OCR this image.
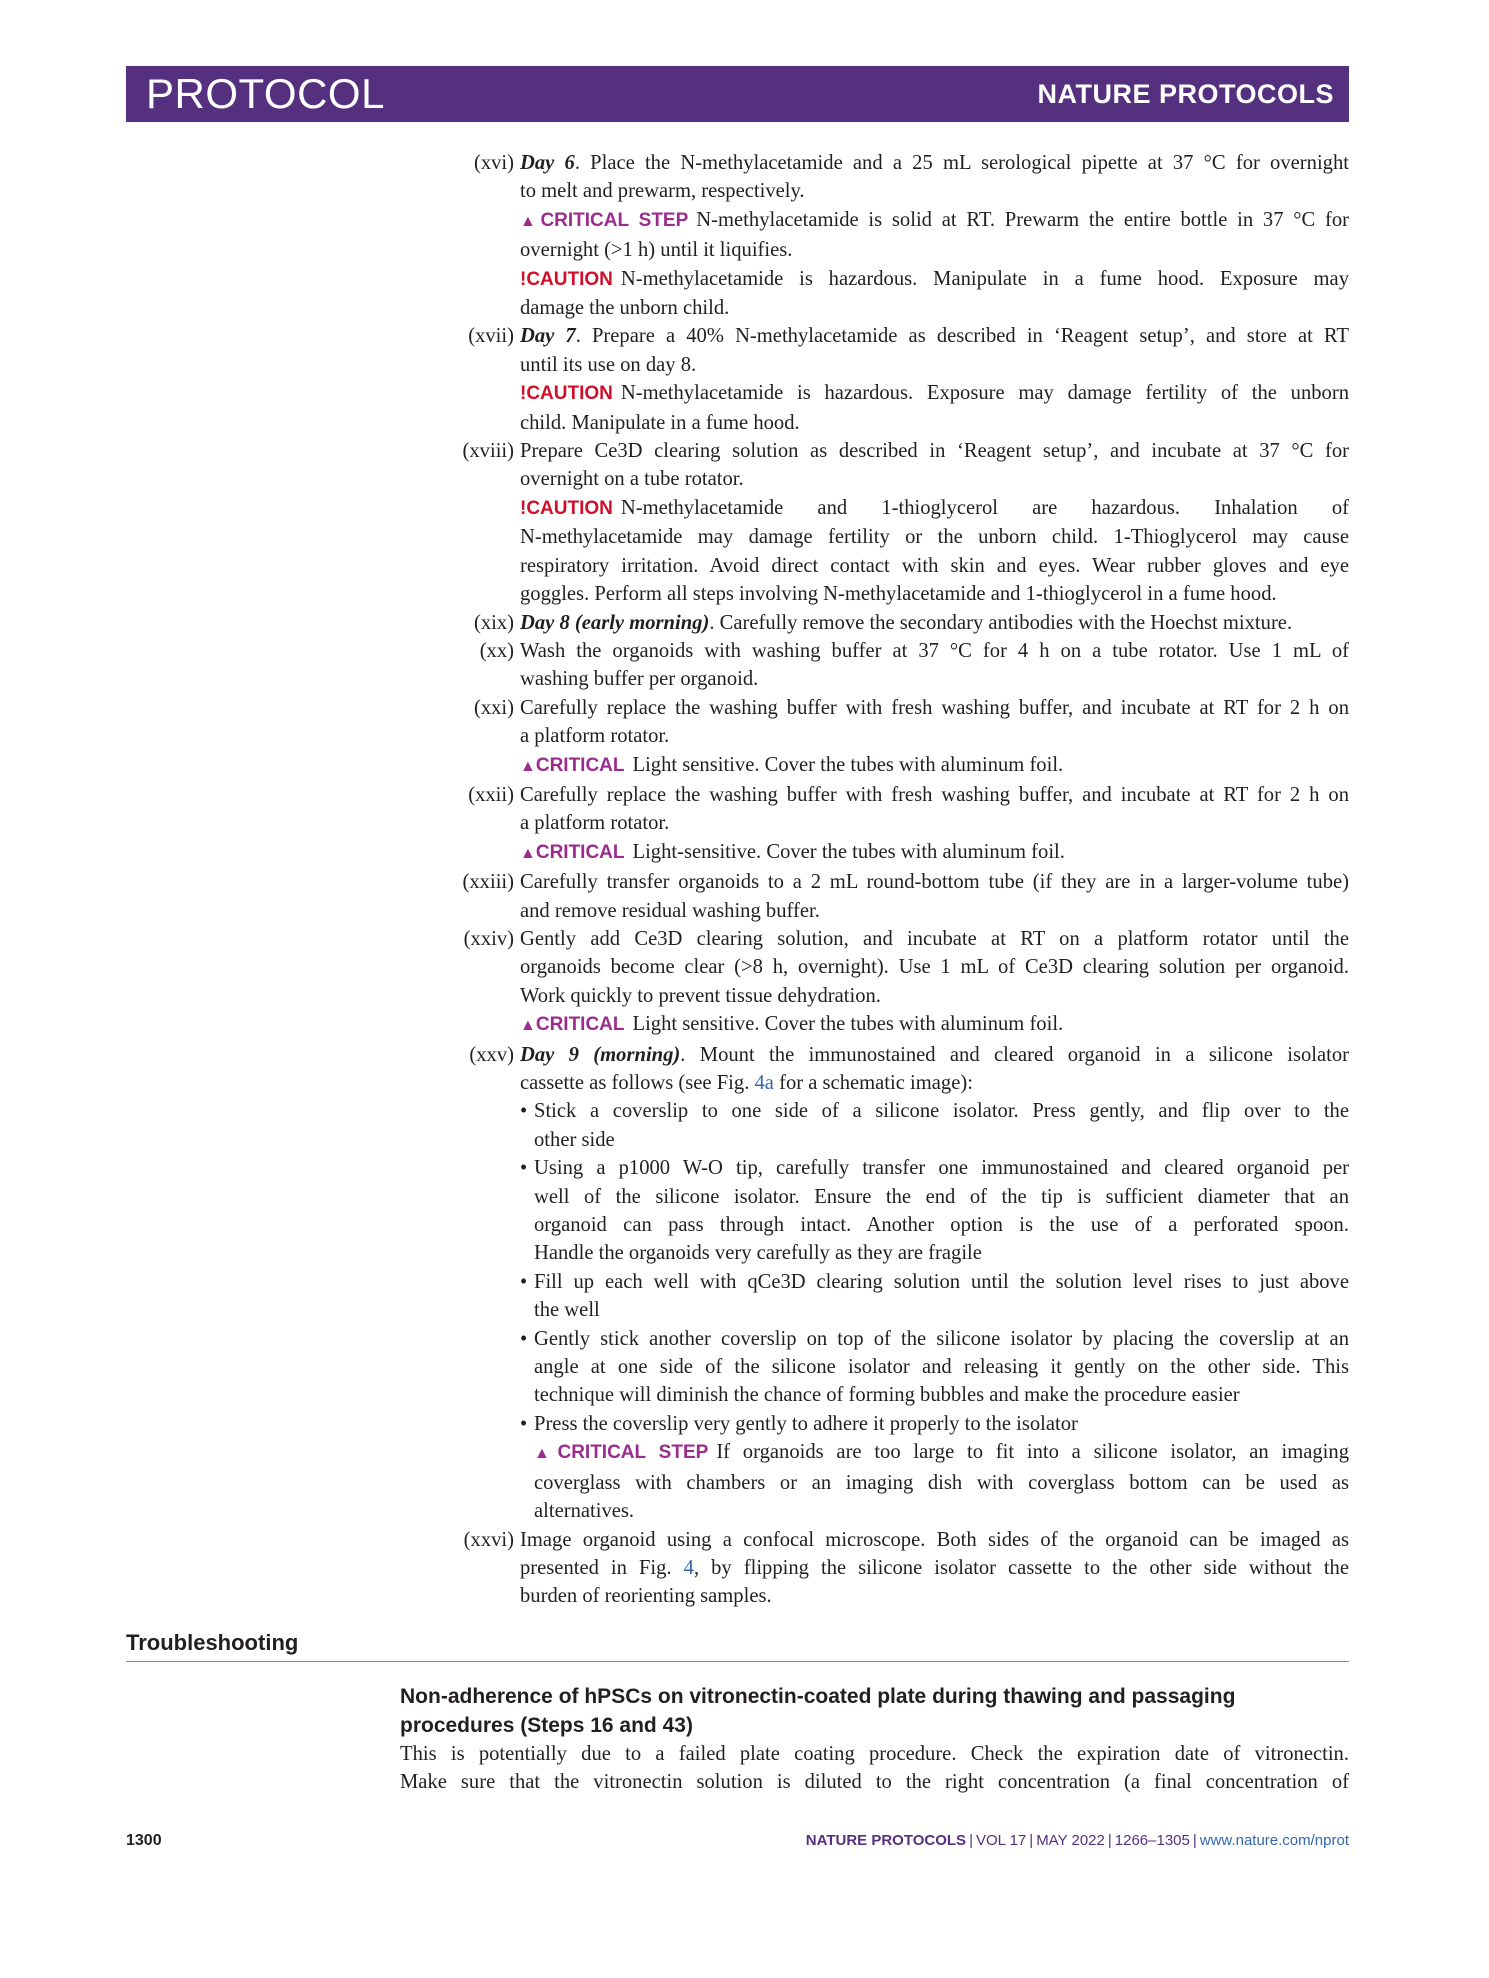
PROTOCOL	NATURE PROTOCOLS
(xvi) Day 6. Place the N-methylacetamide and a 25 mL serological pipette at 37 °C for overnight
to melt and prewarm, respectively.
▲CRITICAL STEP N-methylacetamide is solid at RT. Prewarm the entire bottle in 37 °C for
overnight (>1 h) until it liquifies.
!CAUTION N-methylacetamide is hazardous. Manipulate in a fume hood. Exposure may
damage the unborn child.
(xvii) Day 7. Prepare a 40% N-methylacetamide as described in ‘Reagent setup’, and store at RT
until its use on day 8.
!CAUTION N-methylacetamide is hazardous. Exposure may damage fertility of the unborn
child. Manipulate in a fume hood.
(xviii) Prepare Ce3D clearing solution as described in ‘Reagent setup’, and incubate at 37 °C for
overnight on a tube rotator.
!CAUTION N-methylacetamide and 1-thioglycerol are hazardous. Inhalation of
N-methylacetamide may damage fertility or the unborn child. 1-Thioglycerol may cause
respiratory irritation. Avoid direct contact with skin and eyes. Wear rubber gloves and eye
goggles. Perform all steps involving N-methylacetamide and 1-thioglycerol in a fume hood.
(xix) Day 8 (early morning). Carefully remove the secondary antibodies with the Hoechst mixture.
(xx) Wash the organoids with washing buffer at 37 °C for 4 h on a tube rotator. Use 1 mL of
washing buffer per organoid.
(xxi) Carefully replace the washing buffer with fresh washing buffer, and incubate at RT for 2 h on
a platform rotator.
▲CRITICAL Light sensitive. Cover the tubes with aluminum foil.
(xxii) Carefully replace the washing buffer with fresh washing buffer, and incubate at RT for 2 h on
a platform rotator.
▲CRITICAL Light-sensitive. Cover the tubes with aluminum foil.
(xxiii) Carefully transfer organoids to a 2 mL round-bottom tube (if they are in a larger-volume tube)
and remove residual washing buffer.
(xxiv) Gently add Ce3D clearing solution, and incubate at RT on a platform rotator until the
organoids become clear (>8 h, overnight). Use 1 mL of Ce3D clearing solution per organoid.
Work quickly to prevent tissue dehydration.
▲CRITICAL Light sensitive. Cover the tubes with aluminum foil.
(xxv) Day 9 (morning). Mount the immunostained and cleared organoid in a silicone isolator
cassette as follows (see Fig. 4a for a schematic image):
• Stick a coverslip to one side of a silicone isolator. Press gently, and flip over to the
other side
• Using a p1000 W-O tip, carefully transfer one immunostained and cleared organoid per
well of the silicone isolator. Ensure the end of the tip is sufficient diameter that an
organoid can pass through intact. Another option is the use of a perforated spoon.
Handle the organoids very carefully as they are fragile
• Fill up each well with qCe3D clearing solution until the solution level rises to just above
the well
• Gently stick another coverslip on top of the silicone isolator by placing the coverslip at an
angle at one side of the silicone isolator and releasing it gently on the other side. This
technique will diminish the chance of forming bubbles and make the procedure easier
• Press the coverslip very gently to adhere it properly to the isolator
▲CRITICAL STEP If organoids are too large to fit into a silicone isolator, an imaging
coverglass with chambers or an imaging dish with coverglass bottom can be used as
alternatives.
(xxvi) Image organoid using a confocal microscope. Both sides of the organoid can be imaged as
presented in Fig. 4, by flipping the silicone isolator cassette to the other side without the
burden of reorienting samples.
Troubleshooting
Non-adherence of hPSCs on vitronectin-coated plate during thawing and passaging
procedures (Steps 16 and 43)
This is potentially due to a failed plate coating procedure. Check the expiration date of vitronectin.
Make sure that the vitronectin solution is diluted to the right concentration (a final concentration of
1300	NATURE PROTOCOLS | VOL 17 | MAY 2022 | 1266–1305 | www.nature.com/nprot
